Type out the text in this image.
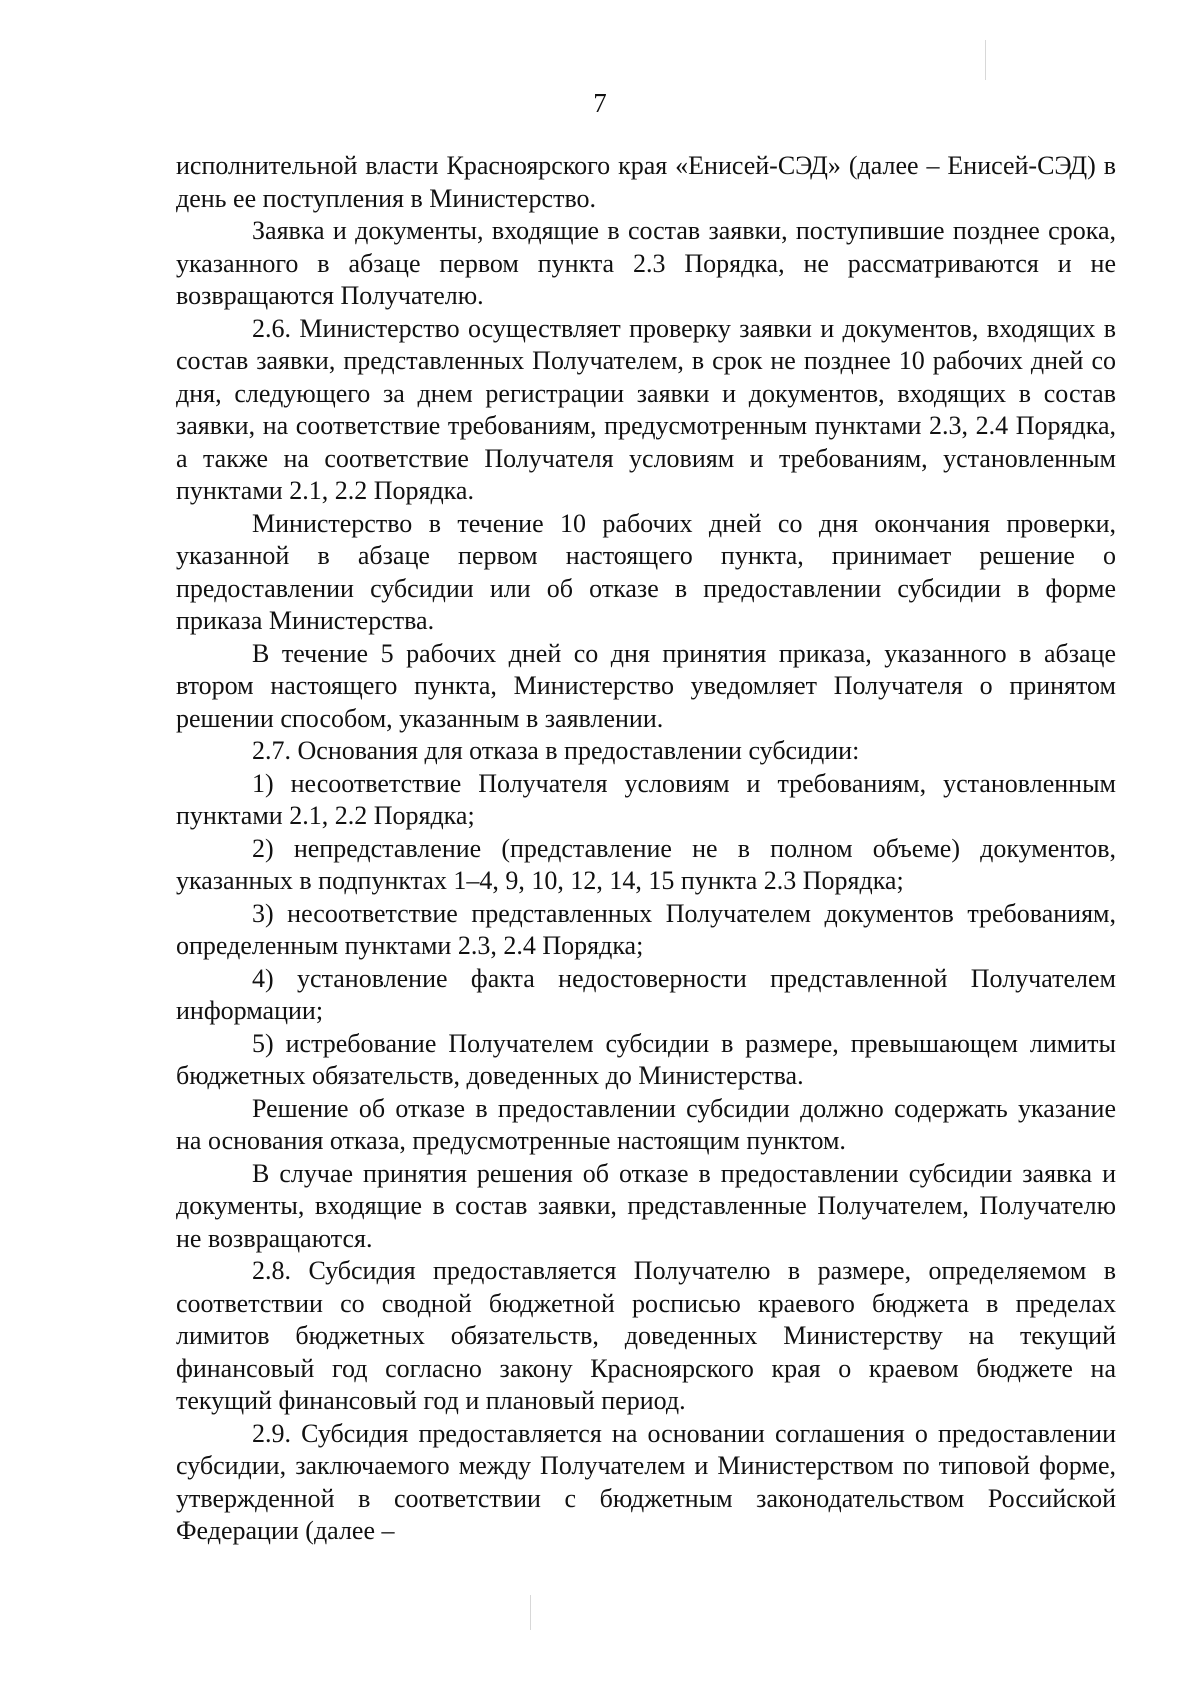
7

исполнительной власти Красноярского края «Енисей-СЭД» (далее – Енисей-СЭД) в день ее поступления в Министерство.

Заявка и документы, входящие в состав заявки, поступившие позднее срока, указанного в абзаце первом пункта 2.3 Порядка, не рассматриваются и не возвращаются Получателю.

2.6. Министерство осуществляет проверку заявки и документов, входящих в состав заявки, представленных Получателем, в срок не позднее 10 рабочих дней со дня, следующего за днем регистрации заявки и документов, входящих в состав заявки, на соответствие требованиям, предусмотренным пунктами 2.3, 2.4 Порядка, а также на соответствие Получателя условиям и требованиям, установленным пунктами 2.1, 2.2 Порядка.

Министерство в течение 10 рабочих дней со дня окончания проверки, указанной в абзаце первом настоящего пункта, принимает решение о предоставлении субсидии или об отказе в предоставлении субсидии в форме приказа Министерства.

В течение 5 рабочих дней со дня принятия приказа, указанного в абзаце втором настоящего пункта, Министерство уведомляет Получателя о принятом решении способом, указанным в заявлении.

2.7. Основания для отказа в предоставлении субсидии:

1) несоответствие Получателя условиям и требованиям, установленным пунктами 2.1, 2.2 Порядка;

2) непредставление (представление не в полном объеме) документов, указанных в подпунктах 1–4, 9, 10, 12, 14, 15 пункта 2.3 Порядка;

3) несоответствие представленных Получателем документов требованиям, определенным пунктами 2.3, 2.4 Порядка;

4) установление факта недостоверности представленной Получателем информации;

5) истребование Получателем субсидии в размере, превышающем лимиты бюджетных обязательств, доведенных до Министерства.

Решение об отказе в предоставлении субсидии должно содержать указание на основания отказа, предусмотренные настоящим пунктом.

В случае принятия решения об отказе в предоставлении субсидии заявка и документы, входящие в состав заявки, представленные Получателем, Получателю не возвращаются.

2.8. Субсидия предоставляется Получателю в размере, определяемом в соответствии со сводной бюджетной росписью краевого бюджета в пределах лимитов бюджетных обязательств, доведенных Министерству на текущий финансовый год согласно закону Красноярского края о краевом бюджете на текущий финансовый год и плановый период.

2.9. Субсидия предоставляется на основании соглашения о предоставлении субсидии, заключаемого между Получателем и Министерством по типовой форме, утвержденной в соответствии с бюджетным законодательством Российской Федерации (далее –
